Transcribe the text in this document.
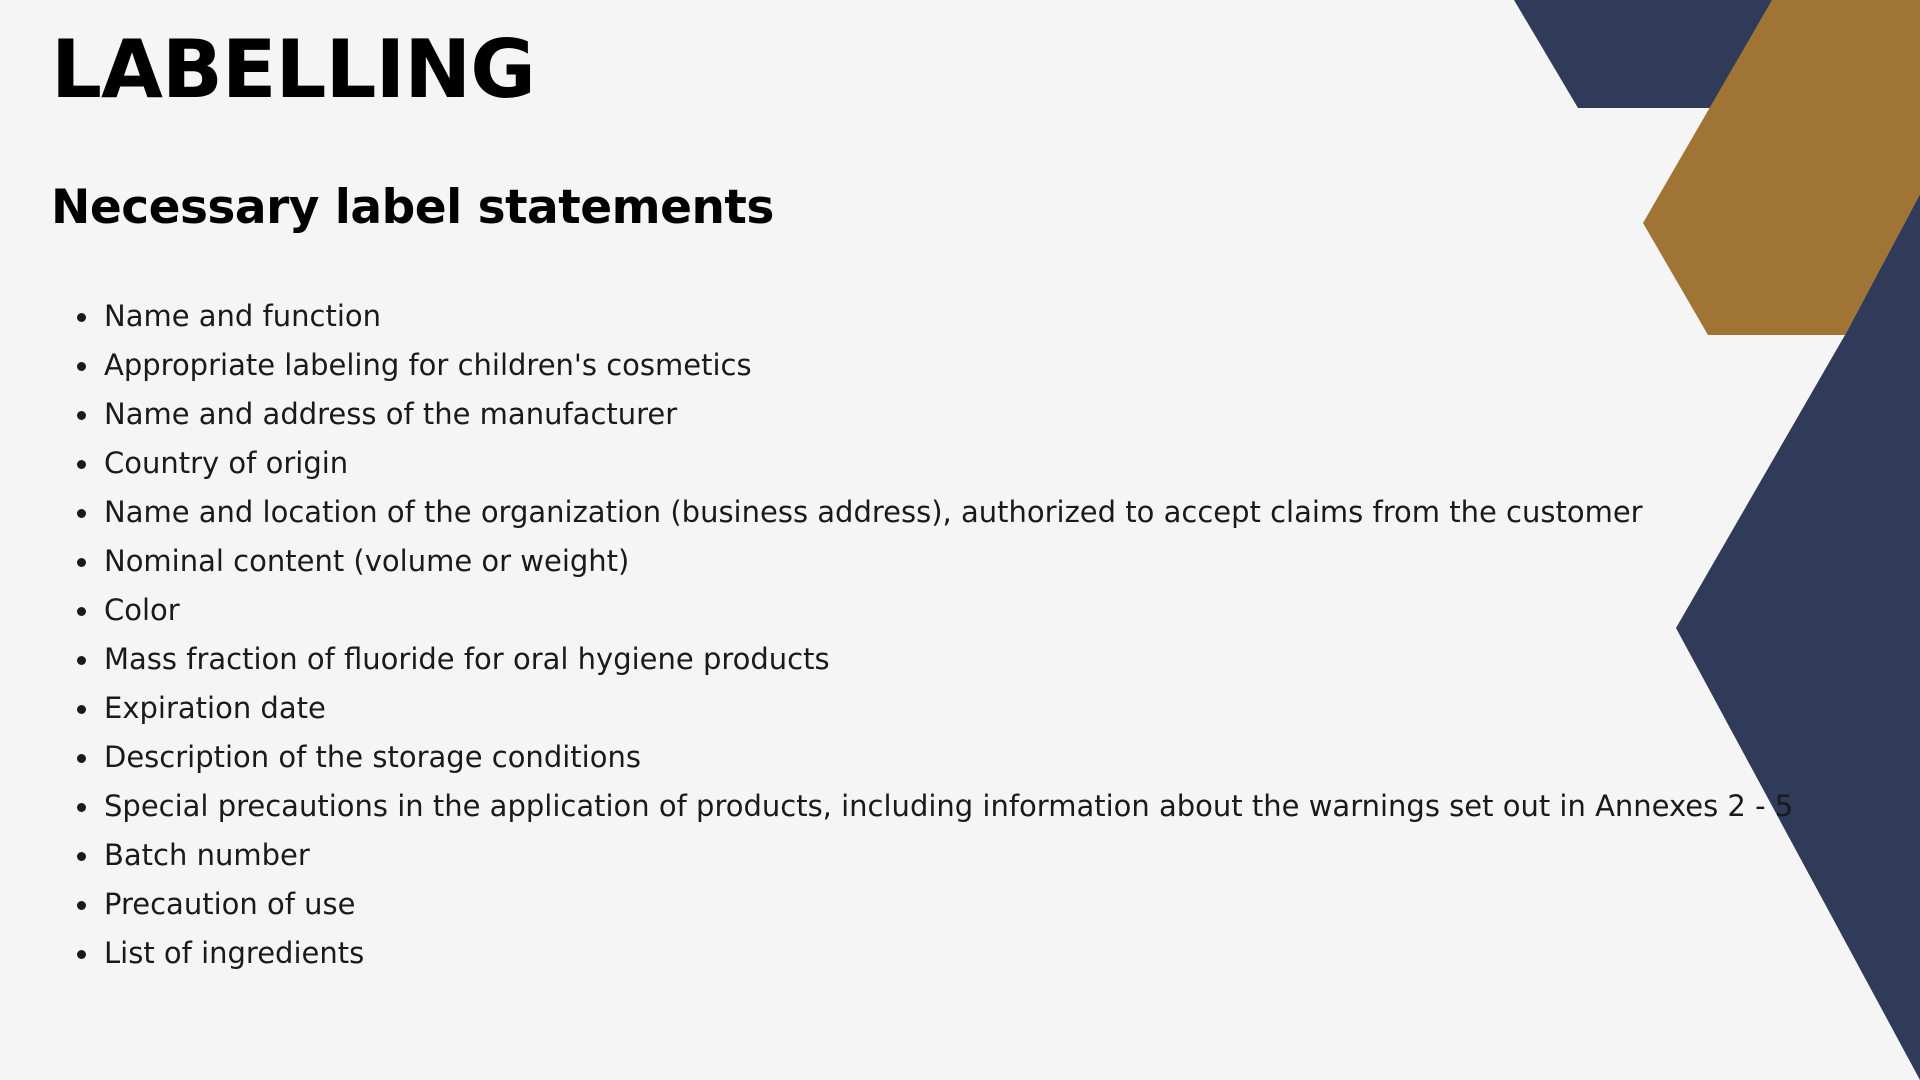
LABELLING
Necessary label statements
Name and function
Appropriate labeling for children's cosmetics
Name and address of the manufacturer
Country of origin
Name and location of the organization (business address), authorized to accept claims from the customer
Nominal content (volume or weight)
Color
Mass fraction of fluoride for oral hygiene products
Expiration date
Description of the storage conditions
Special precautions in the application of products, including information about the warnings set out in Annexes 2 - 5
Batch number
Precaution of use
List of ingredients
